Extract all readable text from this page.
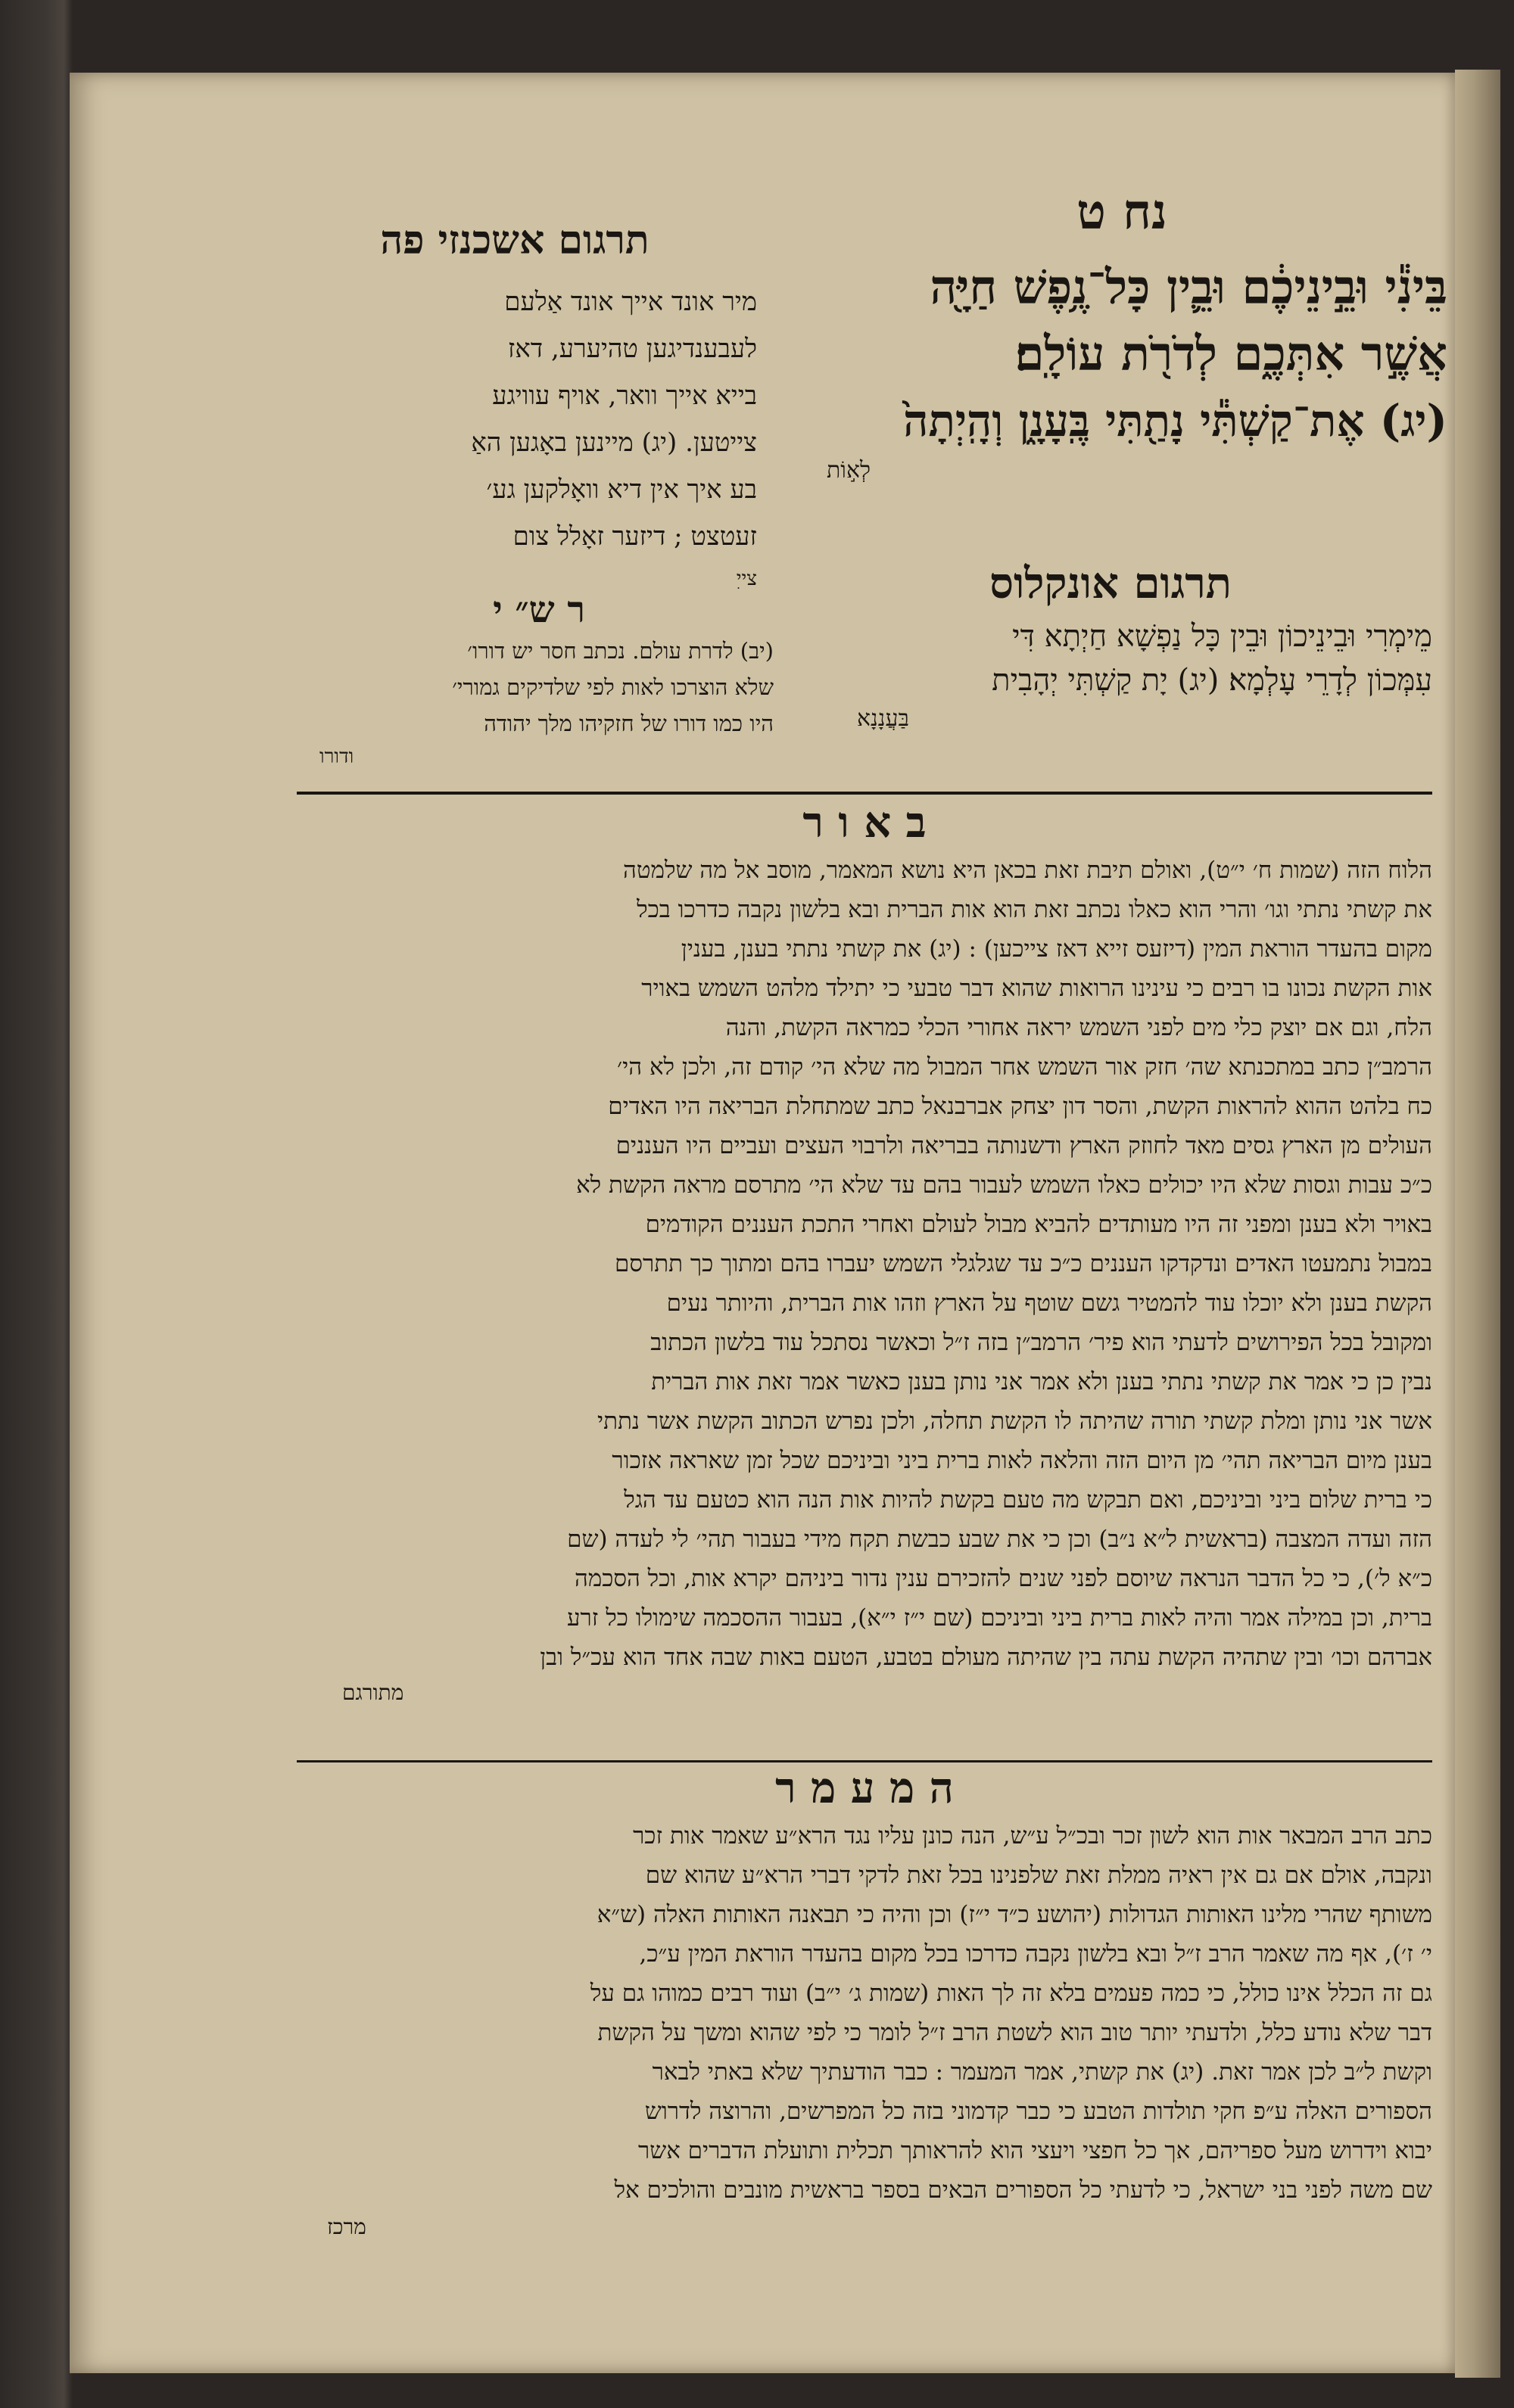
נח ט
תרגום אשכנזי פה
מיר אונד אייך אונד אַלעם
לעבענדיגען טהיערע, דאז
בייא אייך וואר, אויף עוויגע
צייטען. (יג) מיינען באָגען האַ
בע איך אין דיא וואָלקען גע׳
זעטצט ; דיזער זאָלל צום
צייׅ
בֵּינִ֕י וּבֵ֣ינֵיכֶ֔ם וּבֵ֛ין כָּל־נֶ֥פֶשׁ חַיָּ֖ה
אֲשֶׁ֣ר אִתְּכֶ֑ם לְדֹרֹ֖ת עוֹלָֽם׃
(יג) אֶת־קַשְׁתִּ֕י נָתַ֖תִּי בֶּֽעָנָ֑ן וְהָֽיְתָה֙
לְא֣וֹת
תרגום אונקלוס
מֵימְרִי וּבֵינֵיכוֹן וּבֵין כָּל נַפְשָׁא חַיְתָא דִּי
עִמְּכוֹן לְדָרֵי עָלְמָא׃ (יג) יָת קַשְׁתִּי יְהָבִית
בַּעֲנָנָא
ר ש״ י
(יב) לדרת עולם. נכתב חסר יש דורו׳
שלא הוצרכו לאות לפי שלדיקים גמורי׳
היו כמו דורו של חזקיהו מלך יהודה
ודורו
ב א ו ר
הלוח הזה (שמות ח׳ י״ט), ואולם תיבת זאת בכאן היא נושא המאמר, מוסב אל מה שלמטה
את קשתי נתתי וגו׳ והרי הוא כאלו נכתב זאת הוא אות הברית ובא בלשון נקבה כדרכו בכל
מקום בהעדר הוראת המין (דיזעס זייא דאז צייכען) : (יג) את קשתי נתתי בענן, בענין
אות הקשת נכונו בו רבים כי עינינו הרואות שהוא דבר טבעי כי יתילד מלהט השמש באויר
הלח, וגם אם יוצק כלי מים לפני השמש יראה אחורי הכלי כמראה הקשת, והנה
הרמב״ן כתב במתכנתא שה׳ חזק אור השמש אחר המבול מה שלא הי׳ קודם זה, ולכן לא הי׳
כח בלהט ההוא להראות הקשת, והסר דון יצחק אברבנאל כתב שמתחלת הבריאה היו האדים
העולים מן הארץ גסים מאד לחוזק הארץ ודשנותה בבריאה ולרבוי העצים ועביים היו העננים
כ״כ עבות וגסות שלא היו יכולים כאלו השמש לעבור בהם עד שלא הי׳ מתרסם מראה הקשת לא
באויר ולא בענן ומפני זה היו מעותדים להביא מבול לעולם ואחרי התכת העננים הקודמים
במבול נתמעטו האדים ונדקדקו העננים כ״כ עד שגלגלי השמש יעברו בהם ומתוך כך תתרסם
הקשת בענן ולא יוכלו עוד להמטיר גשם שוטף על הארץ וזהו אות הברית, והיותר נעים
ומקובל בכל הפירושים לדעתי הוא פיר׳ הרמב״ן בזה ז״ל וכאשר נסתכל עוד בלשון הכתוב
נבין כן כי אמר את קשתי נתתי בענן ולא אמר אני נותן בענן כאשר אמר זאת אות הברית
אשר אני נותן ומלת קשתי תורה שהיתה לו הקשת תחלה, ולכן נפרש הכתוב הקשת אשר נתתי
בענן מיום הבריאה תהי׳ מן היום הזה והלאה לאות ברית ביני וביניכם שכל זמן שאראה אזכור
כי ברית שלום ביני וביניכם, ואם תבקש מה טעם בקשת להיות אות הנה הוא כטעם עד הגל
הזה ועדה המצבה (בראשית ל״א נ״ב) וכן כי את שבע כבשת תקח מידי בעבור תהי׳ לי לעדה (שם
כ״א ל׳), כי כל הדבר הנראה שיוסם לפני שנים להזכירם ענין נדור ביניהם יקרא אות, וכל הסכמה
ברית, וכן במילה אמר והיה לאות ברית ביני וביניכם (שם י״ז י״א), בעבור ההסכמה שימולו כל זרע
אברהם וכו׳ ובין שתהיה הקשת עתה בין שהיתה מעולם בטבע, הטעם באות שבה אחד הוא עכ״ל ובן
מתורגם
ה מ ע מ ר
כתב הרב המבאר אות הוא לשון זכר ובכ״ל ע״ש, הנה כונן עליו נגד הרא״ע שאמר אות זכר
ונקבה, אולם אם גם אין ראיה ממלת זאת שלפנינו בכל זאת לדקי דברי הרא״ע שהוא שם
משותף שהרי מלינו האותות הגדולות (יהושע כ״ד י״ז) וכן והיה כי תבאנה האותות האלה (ש״א
י׳ ז׳), אף מה שאמר הרב ז״ל ובא בלשון נקבה כדרכו בכל מקום בהעדר הוראת המין ע״כ,
גם זה הכלל אינו כולל, כי כמה פעמים בלא זה לך האות (שמות ג׳ י״ב) ועוד רבים כמוהו גם על
דבר שלא נודע כלל, ולדעתי יותר טוב הוא לשטת הרב ז״ל לומר כי לפי שהוא ומשך על הקשת
וקשת ל״ב לכן אמר זאת. (יג) את קשתי, אמר המעמר : כבר הודעתיך שלא באתי לבאר
הספורים האלה ע״פ חקי תולדות הטבע כי כבר קדמוני בזה כל המפרשים, והרוצה לדרוש
יבוא וידרוש מעל ספריהם, אך כל חפצי ויעצי הוא להראותך תכלית ותועלת הדברים אשר
שם משה לפני בני ישראל, כי לדעתי כל הספורים הבאים בספר בראשית מונבים והולכים אל
מרכז
